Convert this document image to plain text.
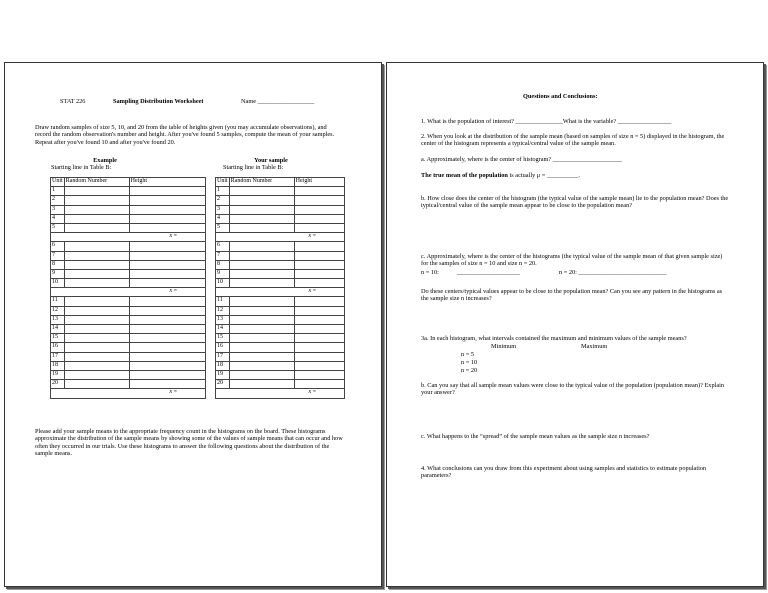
STAT 226	Sampling Distribution Worksheet	Name __________________
Draw random samples of size 5, 10, and 20 from the table of heights given (you may accumulate observations), and record the random observation's number and height. After you've found 5 samples, compute the mean of your samples. Repeat after you've found 10 and after you've found 20.
Example
Starting line in Table B:
Your sample
Starting line in Table B:
Unit	Random Number	Height
1		
2		
3		
4		
5		
$\overline{x}$ =		
6		
7		
8		
9		
10		
$\overline{x}$ =		
11		
12		
13		
14		
15		
16		
17		
18		
19		
20		
$\overline{x}$ =		
Unit	Random Number	Height
1		
2		
3		
4		
5		
$\overline{x}$ =		
6		
7		
8		
9		
10		
$\overline{x}$ =		
11		
12		
13		
14		
15		
16		
17		
18		
19		
20		
$\overline{x}$ =		
Please add your sample means to the appropriate frequency count in the histograms on the board. These histograms approximate the distribution of the sample means by showing some of the values of sample means that can occur and how often they occurred in our trials. Use these histograms to answer the following questions about the distribution of the sample means.
Questions and Conclusions:
1. What is the population of interest? _______________What is the variable? _________________
2. When you look at the distribution of the sample mean (based on samples of size n = 5) displayed in the histogram, the center of the histogram represents a typical/central value of the sample mean.
a. Approximately, where is the center of histogram? ______________________
The true mean of the population is actually μ = __________.
b. How close does the center of the histogram (the typical value of the sample mean) lie to the population mean? Does the typical/central value of the sample mean appear to be close to the population mean?
c. Approximately, where is the center of the histograms (the typical value of the sample mean of that given sample size) for the samples of size n = 10 and size n = 20.
n = 10:	____________________	n = 20: ____________________________
Do these centers/typical values appear to be close to the population mean? Can you see any pattern in the histograms as the sample size n increases?
3a. In each histogram, what intervals contained the maximum and minimum values of the sample means?
Minimum	Maximum
n = 5
n = 10
n = 20
b. Can you say that all sample mean values were close to the typical value of the population (population mean)? Explain your answer?
c. What happens to the “spread” of the sample mean values as the sample size n increases?
4. What conclusions can you draw from this experiment about using samples and statistics to estimate population parameters?
